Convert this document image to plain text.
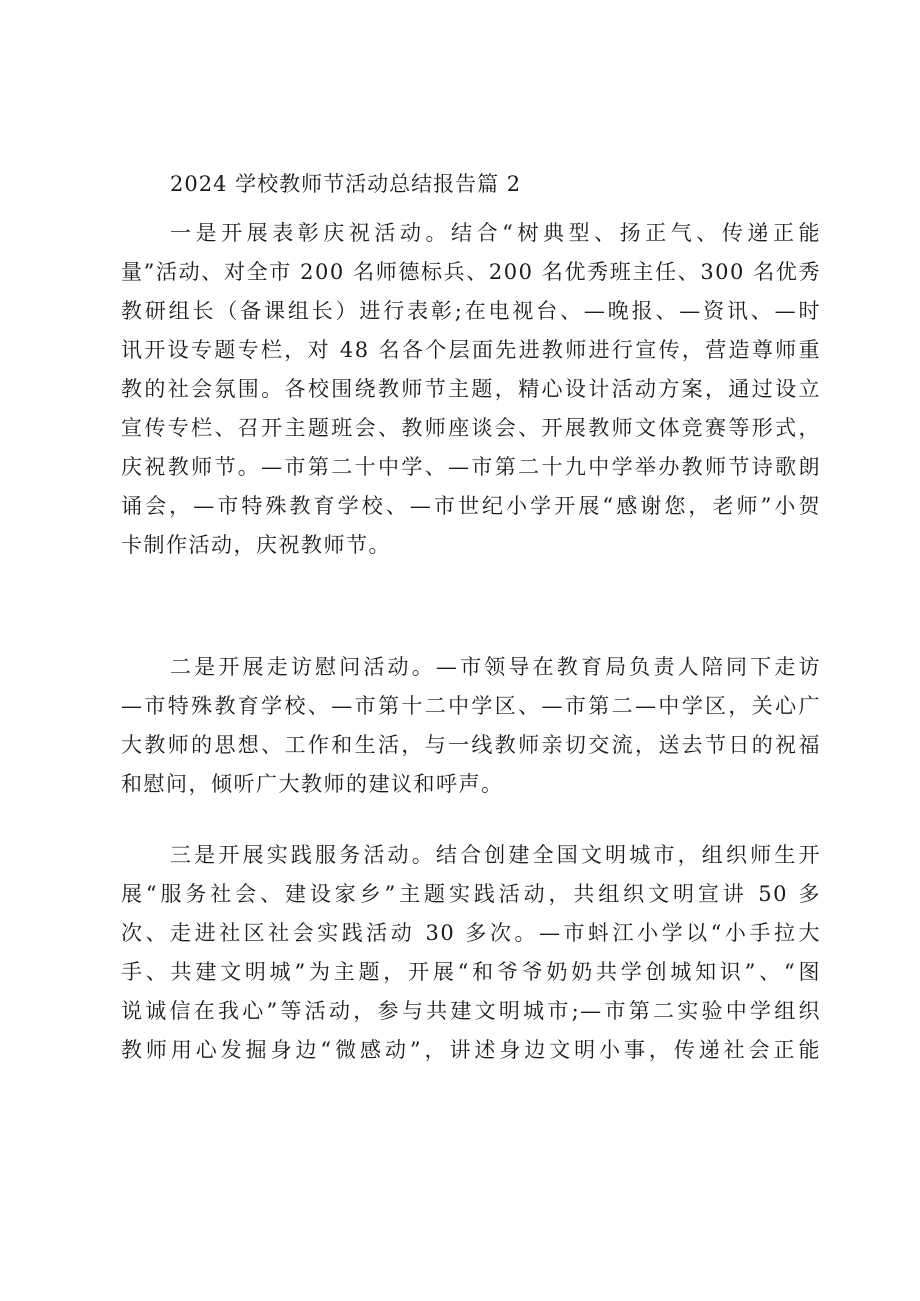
2024 学校教师节活动总结报告篇 2
一是开展表彰庆祝活动。结合“树典型、扬正气、传递正能
量”活动、对全市 200 名师德标兵、200 名优秀班主任、300 名优秀
教研组长（备课组长）进行表彰;在电视台、—晚报、—资讯、—时
讯开设专题专栏，对 48 名各个层面先进教师进行宣传，营造尊师重
教的社会氛围。各校围绕教师节主题，精心设计活动方案，通过设立
宣传专栏、召开主题班会、教师座谈会、开展教师文体竞赛等形式，
庆祝教师节。—市第二十中学、—市第二十九中学举办教师节诗歌朗
诵会，—市特殊教育学校、—市世纪小学开展“感谢您，老师”小贺
卡制作活动，庆祝教师节。
二是开展走访慰问活动。—市领导在教育局负责人陪同下走访
—市特殊教育学校、—市第十二中学区、—市第二—中学区，关心广
大教师的思想、工作和生活，与一线教师亲切交流，送去节日的祝福
和慰问，倾听广大教师的建议和呼声。
三是开展实践服务活动。结合创建全国文明城市，组织师生开
展“服务社会、建设家乡”主题实践活动，共组织文明宣讲 50 多
次、走进社区社会实践活动 30 多次。—市蚪江小学以“小手拉大
手、共建文明城”为主题，开展“和爷爷奶奶共学创城知识”、“图
说诚信在我心”等活动，参与共建文明城市;—市第二实验中学组织
教师用心发掘身边“微感动”，讲述身边文明小事，传递社会正能
